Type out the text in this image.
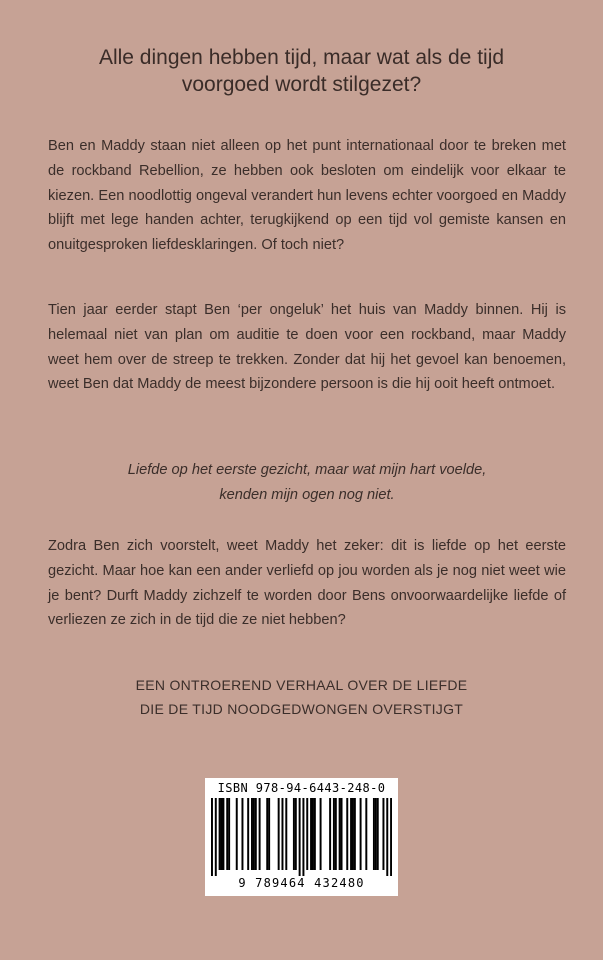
Alle dingen hebben tijd, maar wat als de tijd
voorgoed wordt stilgezet?

Ben en Maddy staan niet alleen op het punt internationaal door te breken met de rockband Rebellion, ze hebben ook besloten om eindelijk voor elkaar te kiezen. Een noodlottig ongeval verandert hun levens echter voorgoed en Maddy blijft met lege handen achter, terugkijkend op een tijd vol gemiste kansen en onuitgesproken liefdesklaringen. Of toch niet?

Tien jaar eerder stapt Ben ‘per ongeluk’ het huis van Maddy binnen. Hij is helemaal niet van plan om auditie te doen voor een rockband, maar Maddy weet hem over de streep te trekken. Zonder dat hij het gevoel kan benoemen, weet Ben dat Maddy de meest bijzondere persoon is die hij ooit heeft ontmoet.

Liefde op het eerste gezicht, maar wat mijn hart voelde,
kenden mijn ogen nog niet.

Zodra Ben zich voorstelt, weet Maddy het zeker: dit is liefde op het eerste gezicht. Maar hoe kan een ander verliefd op jou worden als je nog niet weet wie je bent? Durft Maddy zichzelf te worden door Bens onvoorwaardelijke liefde of verliezen ze zich in de tijd die ze niet hebben?

EEN ONTROEREND VERHAAL OVER DE LIEFDE
DIE DE TIJD NOODGEDWONGEN OVERSTIJGT
ISBN 978-94-6443-248-0
9 789464 432480
